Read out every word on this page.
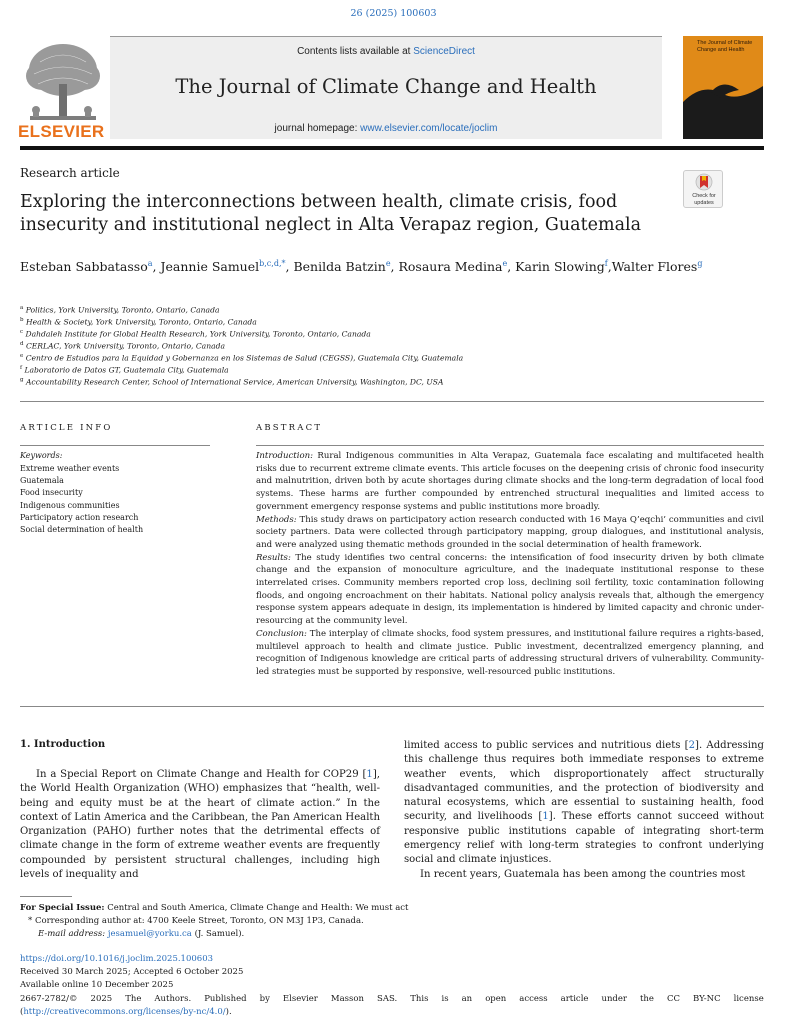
26 (2025) 100603
ELSEVIER
Contents lists available at ScienceDirect
The Journal of Climate Change and Health
journal homepage: www.elsevier.com/locate/joclim
The Journal of Climate Change and Health
Research article
Exploring the interconnections between health, climate crisis, food insecurity and institutional neglect in Alta Verapaz region, Guatemala
Check for updates
Esteban Sabbatasso$^a$, Jeannie Samuel$^{b,c,d,*}$, Benilda Batzin$^e$, Rosaura Medina$^e$, Karin Slowing$^f$,Walter Flores$^g$
$^a$ Politics, York University, Toronto, Ontario, Canada
$^b$ Health & Society, York University, Toronto, Ontario, Canada
$^c$ Dahdaleh Institute for Global Health Research, York University, Toronto, Ontario, Canada
$^d$ CERLAC, York University, Toronto, Ontario, Canada
$^e$ Centro de Estudios para la Equidad y Gobernanza en los Sistemas de Salud (CEGSS), Guatemala City, Guatemala
$^f$ Laboratorio de Datos GT, Guatemala City, Guatemala
$^g$ Accountability Research Center, School of International Service, American University, Washington, DC, USA
ARTICLE INFO
Keywords:
Extreme weather events
Guatemala
Food insecurity
Indigenous communities
Participatory action research
Social determination of health
ABSTRACT

Introduction: Rural Indigenous communities in Alta Verapaz, Guatemala face escalating and multifaceted health risks due to recurrent extreme climate events. This article focuses on the deepening crisis of chronic food insecurity and malnutrition, driven both by acute shortages during climate shocks and the long-term degradation of local food systems. These harms are further compounded by entrenched structural inequalities and limited access to government emergency response systems and public institutions more broadly.

Methods: This study draws on participatory action research conducted with 16 Maya Q’eqchi’ communities and civil society partners. Data were collected through participatory mapping, group dialogues, and institutional analysis, and were analyzed using thematic methods grounded in the social determination of health framework.

Results: The study identifies two central concerns: the intensification of food insecurity driven by both climate change and the expansion of monoculture agriculture, and the inadequate institutional response to these interrelated crises. Community members reported crop loss, declining soil fertility, toxic contamination following floods, and ongoing encroachment on their habitats. National policy analysis reveals that, although the emergency response system appears adequate in design, its implementation is hindered by limited capacity and chronic under-resourcing at the community level.

Conclusion: The interplay of climate shocks, food system pressures, and institutional failure requires a rights-based, multilevel approach to health and climate justice. Public investment, decentralized emergency planning, and recognition of Indigenous knowledge are critical parts of addressing structural drivers of vulnerability. Community-led strategies must be supported by responsive, well-resourced public institutions.

1. Introduction
In a Special Report on Climate Change and Health for COP29 [1], the World Health Organization (WHO) emphasizes that “health, well-being and equity must be at the heart of climate action.” In the context of Latin America and the Caribbean, the Pan American Health Organization (PAHO) further notes that the detrimental effects of climate change in the form of extreme weather events are frequently compounded by persistent structural challenges, including high levels of inequality and
limited access to public services and nutritious diets [2]. Addressing this challenge thus requires both immediate responses to extreme weather events, which disproportionately affect structurally disadvantaged communities, and the protection of biodiversity and natural ecosystems, which are essential to sustaining health, food security, and livelihoods [1]. These efforts cannot succeed without responsive public institutions capable of integrating short-term emergency relief with long-term strategies to confront underlying social and climate injustices.
In recent years, Guatemala has been among the countries most
For Special Issue: Central and South America, Climate Change and Health: We must act
* Corresponding author at: 4700 Keele Street, Toronto, ON M3J 1P3, Canada.
E-mail address: jesamuel@yorku.ca (J. Samuel).
https://doi.org/10.1016/j.joclim.2025.100603
Received 30 March 2025; Accepted 6 October 2025
Available online 10 December 2025
2667-2782/© 2025 The Authors. Published by Elsevier Masson SAS. This is an open access article under the CC BY-NC license
(http://creativecommons.org/licenses/by-nc/4.0/).
